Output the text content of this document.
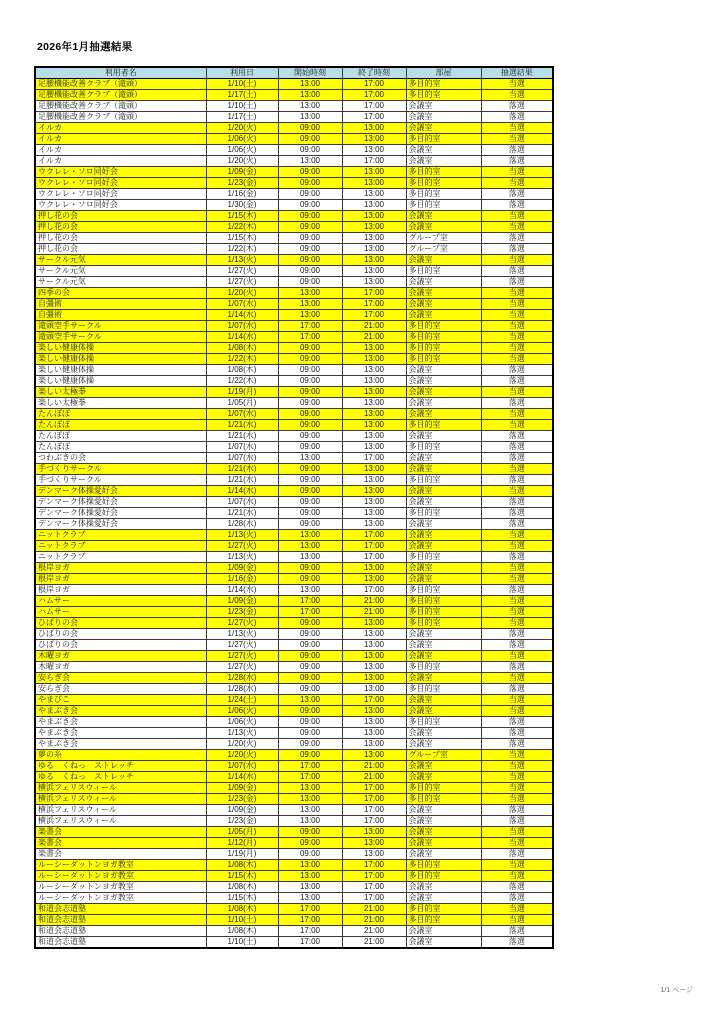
2026年1月抽選結果
利用者名	利用日	開始時刻	終了時刻	部屋	抽選結果
足腰機能改善クラブ（滝頭）	1/10(土)	13:00	17:00	多目的室	当選
足腰機能改善クラブ（滝頭）	1/17(土)	13:00	17:00	多目的室	当選
足腰機能改善クラブ（滝頭）	1/10(土)	13:00	17:00	会議室	落選
足腰機能改善クラブ（滝頭）	1/17(土)	13:00	17:00	会議室	落選
イルカ	1/20(火)	09:00	13:00	会議室	当選
イルカ	1/06(火)	09:00	13:00	多目的室	当選
イルカ	1/06(火)	09:00	13:00	会議室	落選
イルカ	1/20(火)	13:00	17:00	会議室	落選
ウクレレ・ソロ同好会	1/09(金)	09:00	13:00	多目的室	当選
ウクレレ・ソロ同好会	1/23(金)	09:00	13:00	多目的室	当選
ウクレレ・ソロ同好会	1/16(金)	09:00	13:00	多目的室	落選
ウクレレ・ソロ同好会	1/30(金)	09:00	13:00	多目的室	落選
押し花の会	1/15(木)	09:00	13:00	会議室	当選
押し花の会	1/22(木)	09:00	13:00	会議室	当選
押し花の会	1/15(木)	09:00	13:00	グループ室	落選
押し花の会	1/22(木)	09:00	13:00	グループ室	落選
サークル元気	1/13(火)	09:00	13:00	会議室	当選
サークル元気	1/27(火)	09:00	13:00	多目的室	落選
サークル元気	1/27(火)	09:00	13:00	会議室	落選
四季の会	1/20(火)	13:00	17:00	会議室	当選
自彊術	1/07(水)	13:00	17:00	会議室	当選
自彊術	1/14(水)	13:00	17:00	会議室	当選
滝頭空手サークル	1/07(水)	17:00	21:00	多目的室	当選
滝頭空手サークル	1/14(水)	17:00	21:00	多目的室	当選
楽しい健康体操	1/08(木)	09:00	13:00	多目的室	当選
楽しい健康体操	1/22(木)	09:00	13:00	多目的室	当選
楽しい健康体操	1/08(木)	09:00	13:00	会議室	落選
楽しい健康体操	1/22(木)	09:00	13:00	会議室	落選
楽しい太極拳	1/19(月)	09:00	13:00	会議室	当選
楽しい太極拳	1/05(月)	09:00	13:00	会議室	落選
たんぽぽ	1/07(水)	09:00	13:00	会議室	当選
たんぽぽ	1/21(水)	09:00	13:00	多目的室	当選
たんぽぽ	1/21(水)	09:00	13:00	会議室	落選
たんぽぽ	1/07(水)	09:00	13:00	多目的室	落選
つわぶきの会	1/07(水)	13:00	17:00	会議室	落選
手づくりサークル	1/21(水)	09:00	13:00	会議室	当選
手づくりサークル	1/21(水)	09:00	13:00	多目的室	落選
デンマーク体操愛好会	1/14(水)	09:00	13:00	会議室	当選
デンマーク体操愛好会	1/07(水)	09:00	13:00	会議室	落選
デンマーク体操愛好会	1/21(水)	09:00	13:00	多目的室	落選
デンマーク体操愛好会	1/28(水)	09:00	13:00	会議室	落選
ニットクラブ	1/13(火)	13:00	17:00	会議室	当選
ニットクラブ	1/27(火)	13:00	17:00	会議室	当選
ニットクラブ	1/13(火)	13:00	17:00	多目的室	落選
根岸ヨガ	1/09(金)	09:00	13:00	会議室	当選
根岸ヨガ	1/16(金)	09:00	13:00	会議室	当選
根岸ヨガ	1/14(水)	13:00	17:00	多目的室	落選
ハムサー	1/09(金)	17:00	21:00	多目的室	当選
ハムサー	1/23(金)	17:00	21:00	多目的室	当選
ひばりの会	1/27(火)	09:00	13:00	多目的室	当選
ひばりの会	1/13(火)	09:00	13:00	会議室	落選
ひばりの会	1/27(火)	09:00	13:00	会議室	落選
木曜ヨガ	1/27(火)	09:00	13:00	会議室	当選
木曜ヨガ	1/27(火)	09:00	13:00	多目的室	落選
安らぎ会	1/28(水)	09:00	13:00	会議室	当選
安らぎ会	1/28(水)	09:00	13:00	多目的室	落選
やまびこ	1/24(土)	13:00	17:00	会議室	当選
やまぶき会	1/06(火)	09:00	13:00	会議室	当選
やまぶき会	1/06(火)	09:00	13:00	多目的室	落選
やまぶき会	1/13(火)	09:00	13:00	会議室	落選
やまぶき会	1/20(火)	09:00	13:00	会議室	落選
夢の糸	1/20(火)	09:00	13:00	グループ室	当選
ゆる　くねっ　ストレッチ	1/07(水)	17:00	21:00	会議室	当選
ゆる　くねっ　ストレッチ	1/14(水)	17:00	21:00	会議室	当選
横浜フェリスウィール	1/09(金)	13:00	17:00	多目的室	当選
横浜フェリスウィール	1/23(金)	13:00	17:00	多目的室	当選
横浜フェリスウィール	1/09(金)	13:00	17:00	会議室	落選
横浜フェリスウィール	1/23(金)	13:00	17:00	会議室	落選
楽書会	1/05(月)	09:00	13:00	会議室	当選
楽書会	1/12(月)	09:00	13:00	会議室	当選
楽書会	1/19(月)	09:00	13:00	会議室	落選
ルーシーダットンヨガ教室	1/08(木)	13:00	17:00	多目的室	当選
ルーシーダットンヨガ教室	1/15(木)	13:00	17:00	多目的室	当選
ルーシーダットンヨガ教室	1/08(木)	13:00	17:00	会議室	落選
ルーシーダットンヨガ教室	1/15(木)	13:00	17:00	会議室	落選
和道会志道塾	1/08(木)	17:00	21:00	多目的室	当選
和道会志道塾	1/10(土)	17:00	21:00	多目的室	当選
和道会志道塾	1/08(木)	17:00	21:00	会議室	落選
和道会志道塾	1/10(土)	17:00	21:00	会議室	落選
1/1 ページ
